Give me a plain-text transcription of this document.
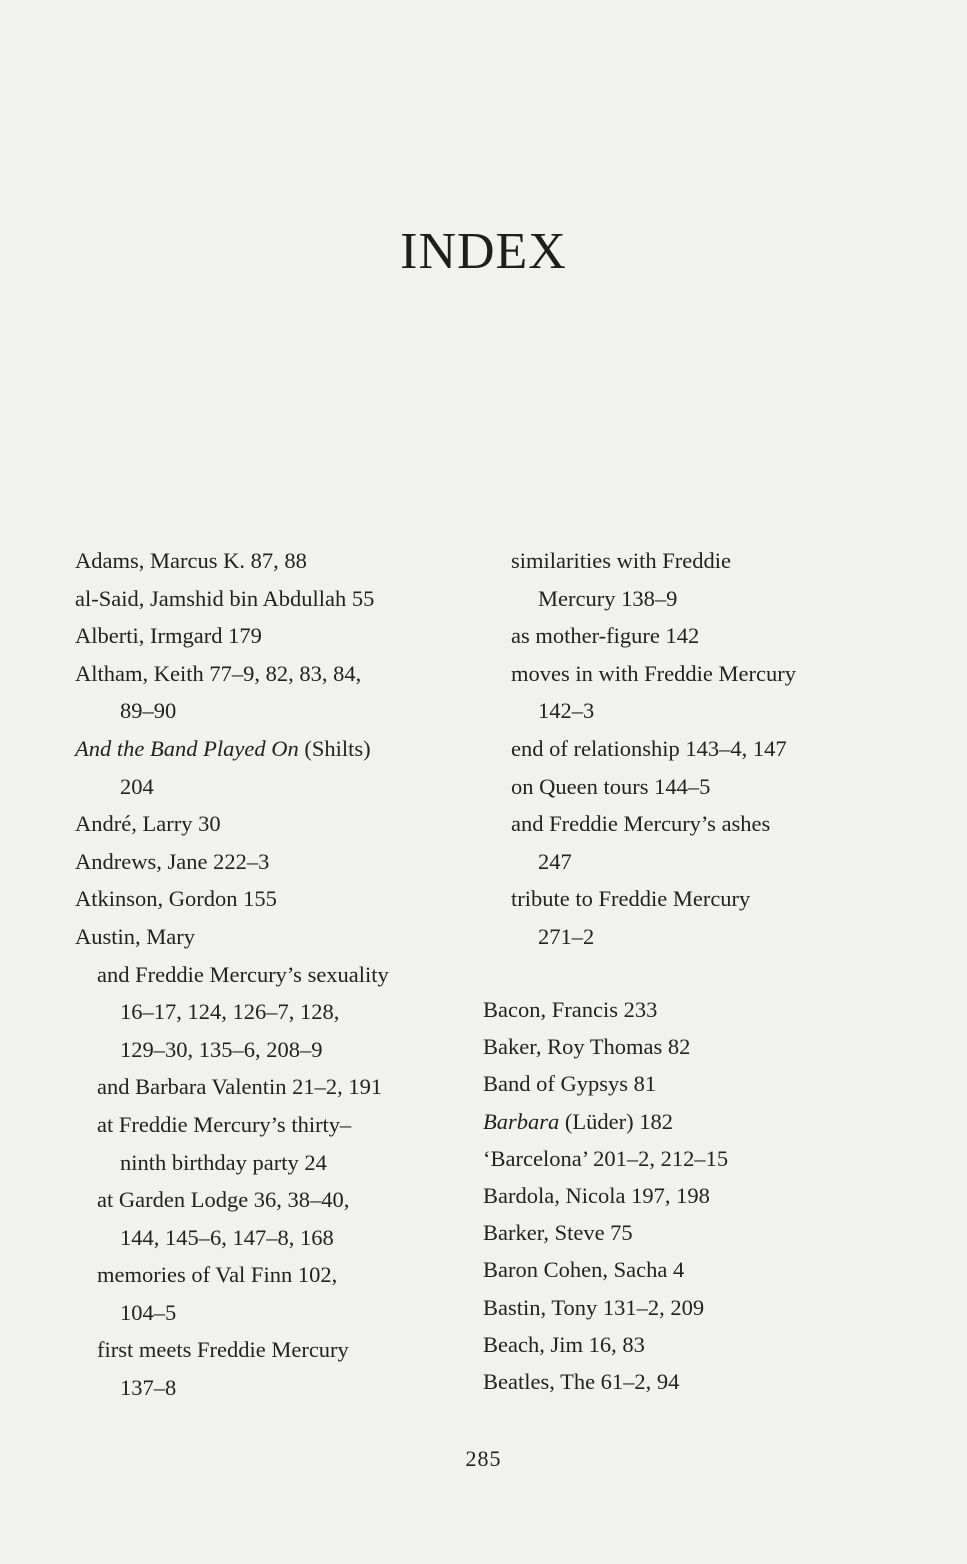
INDEX
Adams, Marcus K. 87, 88
al-Said, Jamshid bin Abdullah 55
Alberti, Irmgard 179
Altham, Keith 77–9, 82, 83, 84,
89–90
And the Band Played On (Shilts)
204
André, Larry 30
Andrews, Jane 222–3
Atkinson, Gordon 155
Austin, Mary
and Freddie Mercury’s sexuality
16–17, 124, 126–7, 128,
129–30, 135–6, 208–9
and Barbara Valentin 21–2, 191
at Freddie Mercury’s thirty–
ninth birthday party 24
at Garden Lodge 36, 38–40,
144, 145–6, 147–8, 168
memories of Val Finn 102,
104–5
first meets Freddie Mercury
137–8
similarities with Freddie
Mercury 138–9
as mother-figure 142
moves in with Freddie Mercury
142–3
end of relationship 143–4, 147
on Queen tours 144–5
and Freddie Mercury’s ashes
247
tribute to Freddie Mercury
271–2
Bacon, Francis 233
Baker, Roy Thomas 82
Band of Gypsys 81
Barbara (Lüder) 182
‘Barcelona’ 201–2, 212–15
Bardola, Nicola 197, 198
Barker, Steve 75
Baron Cohen, Sacha 4
Bastin, Tony 131–2, 209
Beach, Jim 16, 83
Beatles, The 61–2, 94
285
